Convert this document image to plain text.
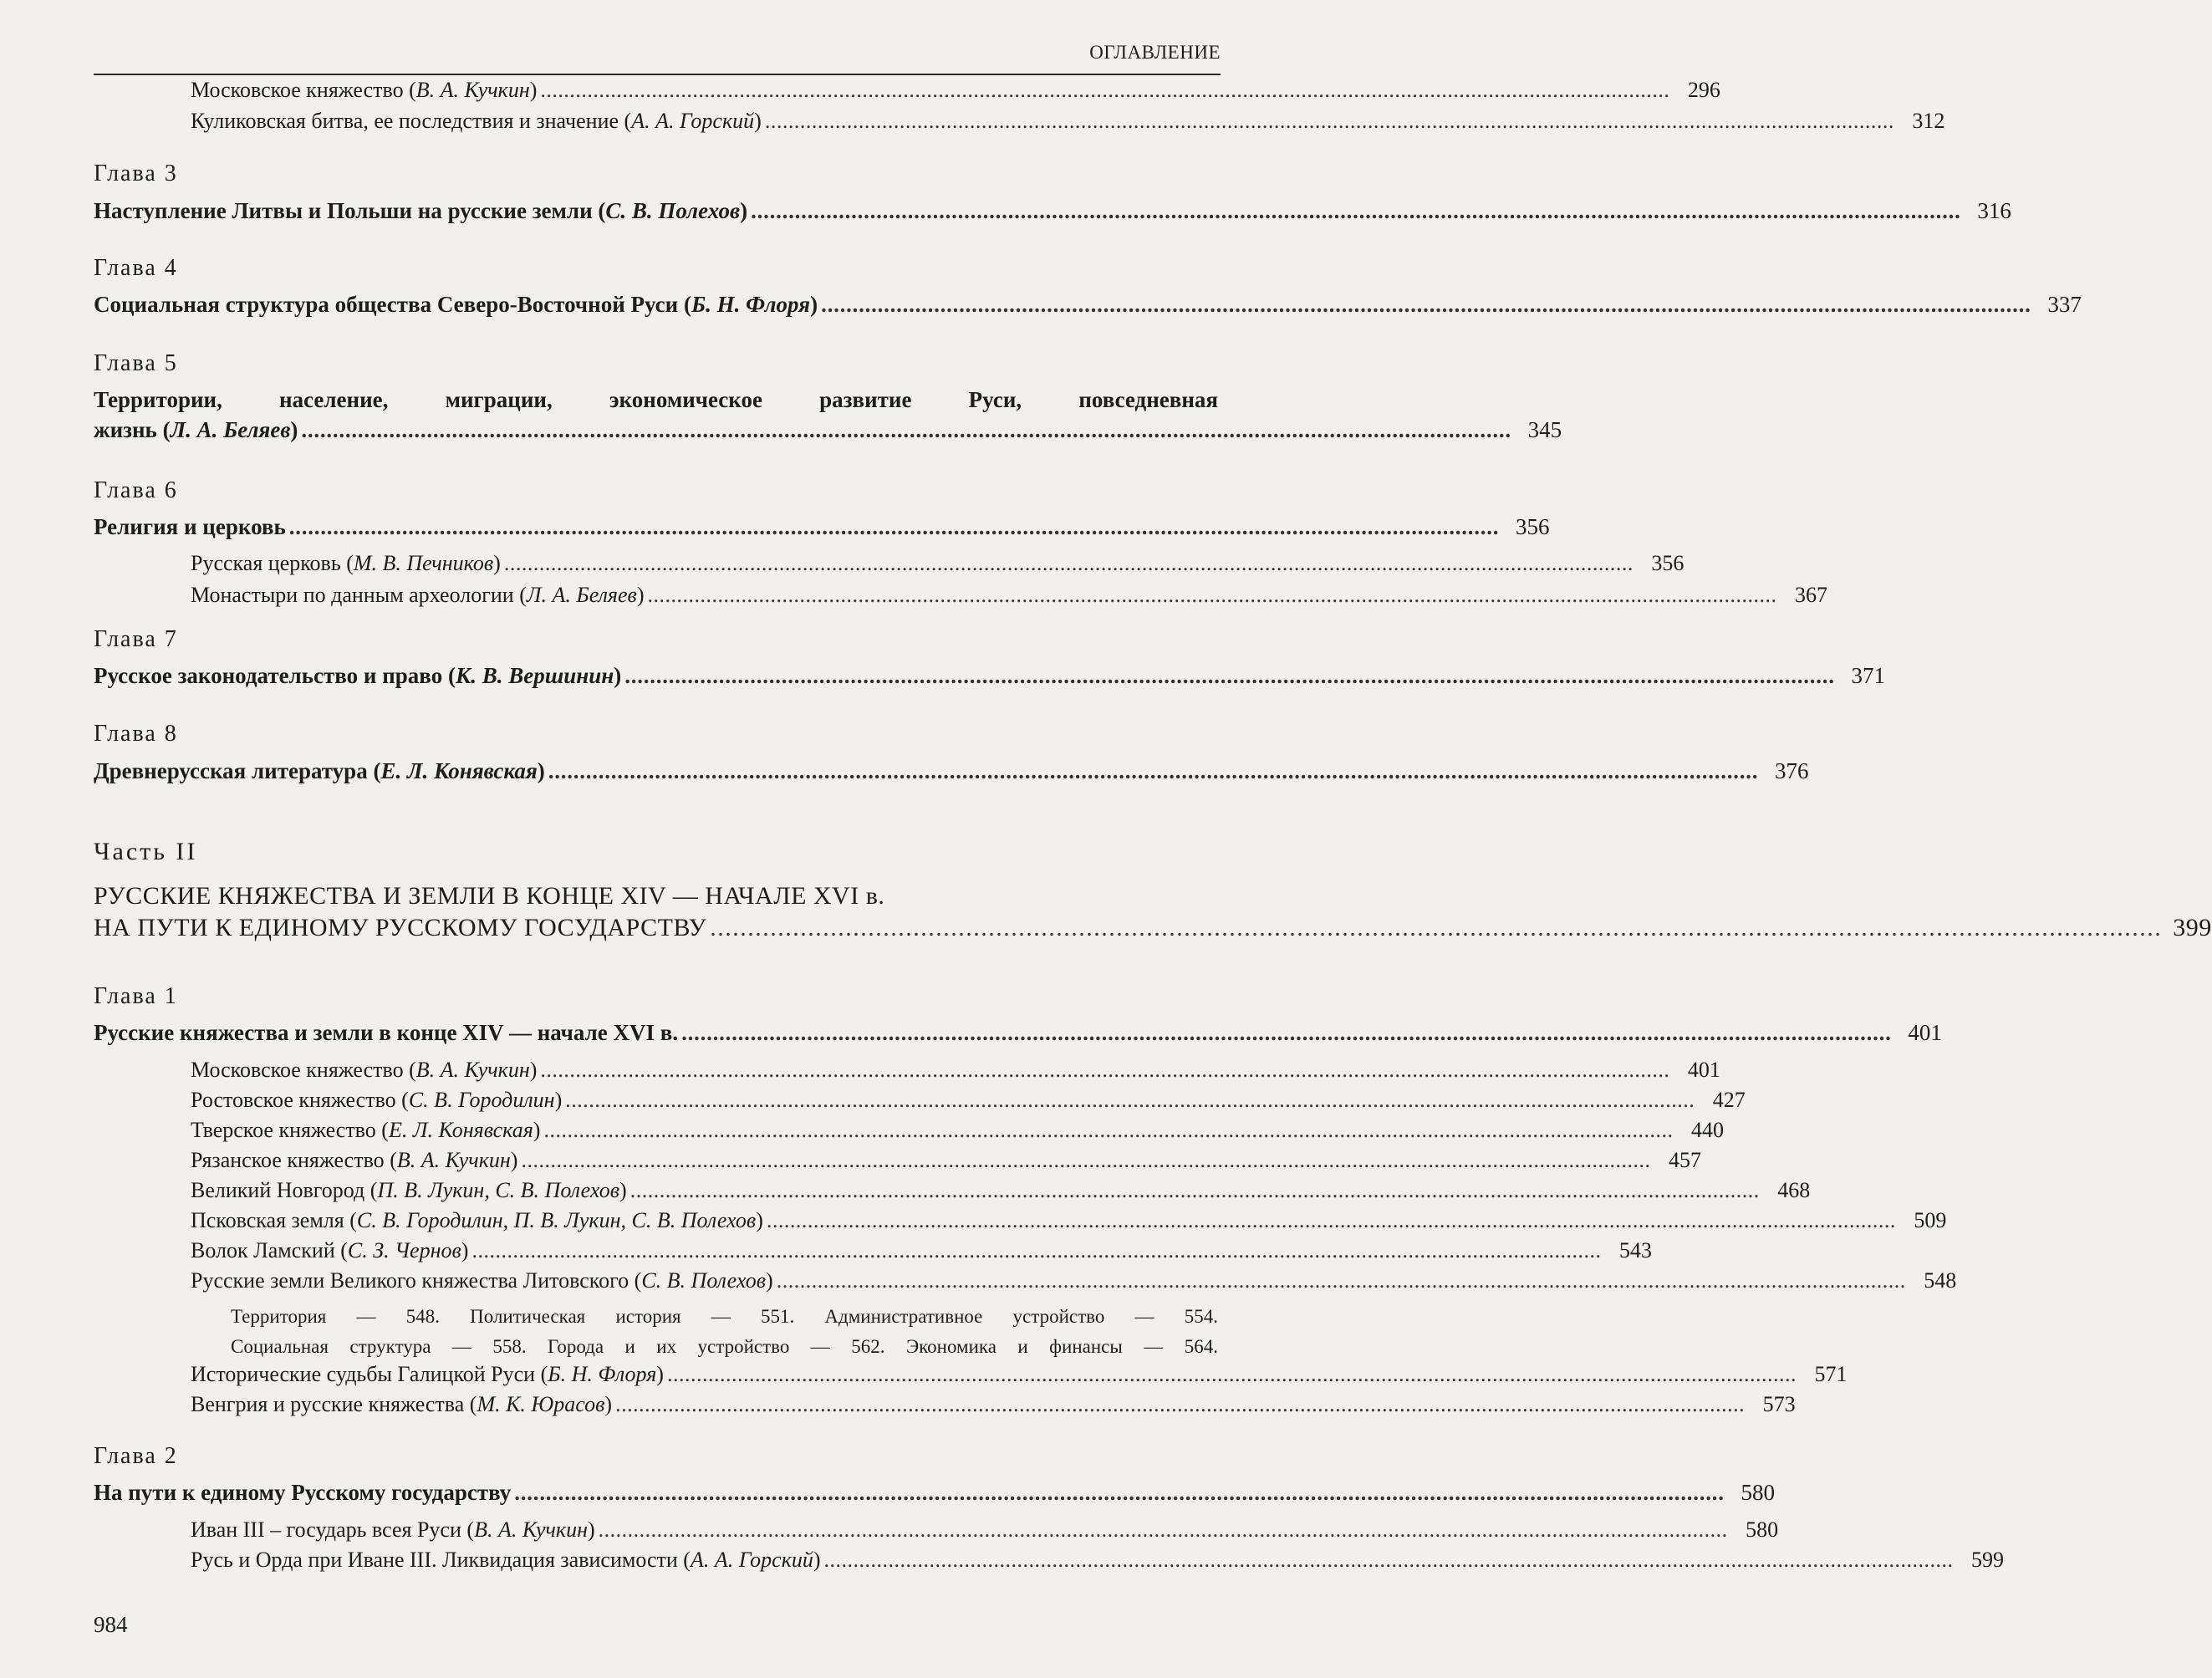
ОГЛАВЛЕНИЕ
Московское княжество (В. А. Кучкин) . . .	296
Куликовская битва, ее последствия и значение (А. А. Горский) . . .	312
Глава 3
Наступление Литвы и Польши на русские земли (С. В. Полехов) . . .	316
Глава 4
Социальная структура общества Северо-Восточной Руси (Б. Н. Флоря) . . .	337
Глава 5
Территории, население, миграции, экономическое развитие Руси, повседневная
жизнь (Л. А. Беляев) . . .	345
Глава 6
Религия и церковь . . .	356
Русская церковь (М. В. Печников) . . .	356
Монастыри по данным археологии (Л. А. Беляев) . . .	367
Глава 7
Русское законодательство и право (К. В. Вершинин) . . .	371
Глава 8
Древнерусская литература (Е. Л. Конявская) . . .	376
Часть II
РУССКИЕ КНЯЖЕСТВА И ЗЕМЛИ В КОНЦЕ XIV — НАЧАЛЕ XVI в.
НА ПУТИ К ЕДИНОМУ РУССКОМУ ГОСУДАРСТВУ . . .	399
Глава 1
Русские княжества и земли в конце XIV — начале XVI в. . . .	401
Московское княжество (В. А. Кучкин) . . .	401
Ростовское княжество (С. В. Городилин) . . .	427
Тверское княжество (Е. Л. Конявская) . . .	440
Рязанское княжество (В. А. Кучкин) . . .	457
Великий Новгород (П. В. Лукин, С. В. Полехов) . . .	468
Псковская земля (С. В. Городилин, П. В. Лукин, С. В. Полехов) . . .	509
Волок Ламский (С. З. Чернов) . . .	543
Русские земли Великого княжества Литовского (С. В. Полехов) . . .	548
Территория — 548. Политическая история — 551. Административное устройство — 554.
Социальная структура — 558. Города и их устройство — 562. Экономика и финансы — 564.
Исторические судьбы Галицкой Руси (Б. Н. Флоря) . . .	571
Венгрия и русские княжества (М. К. Юрасов) . . .	573
Глава 2
На пути к единому Русскому государству . . .	580
Иван III – государь всея Руси (В. А. Кучкин) . . .	580
Русь и Орда при Иване III. Ликвидация зависимости (А. А. Горский) . . .	599
984
